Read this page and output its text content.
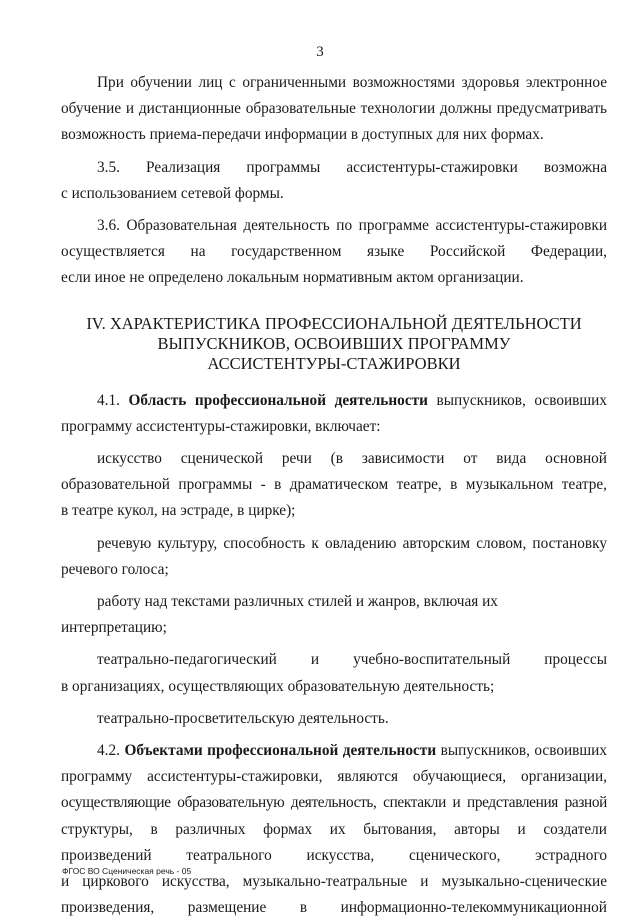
3

При обучении лиц с ограниченными возможностями здоровья электронное
обучение и дистанционные образовательные технологии должны предусматривать
возможность приема-передачи информации в доступных для них формах.

3.5. Реализация программы ассистентуры-стажировки возможна
с использованием сетевой формы.

3.6. Образовательная деятельность по программе ассистентуры-стажировки
осуществляется на государственном языке Российской Федерации,
если иное не определено локальным нормативным актом организации.

IV. ХАРАКТЕРИСТИКА ПРОФЕССИОНАЛЬНОЙ ДЕЯТЕЛЬНОСТИ
ВЫПУСКНИКОВ, ОСВОИВШИХ ПРОГРАММУ
АССИСТЕНТУРЫ-СТАЖИРОВКИ

4.1. Область профессиональной деятельности выпускников, освоивших
программу ассистентуры-стажировки, включает:

искусство сценической речи (в зависимости от вида основной
образовательной программы - в драматическом театре, в музыкальном театре,
в театре кукол, на эстраде, в цирке);

речевую культуру, способность к овладению авторским словом, постановку
речевого голоса;

работу над текстами различных стилей и жанров, включая их интерпретацию;

театрально-педагогический и учебно-воспитательный процессы
в организациях, осуществляющих образовательную деятельность;

театрально-просветительскую деятельность.

4.2. Объектами профессиональной деятельности выпускников, освоивших
программу ассистентуры-стажировки, являются обучающиеся, организации,
осуществляющие образовательную деятельность, спектакли и представления разной
структуры, в различных формах их бытования, авторы и создатели
произведений театрального искусства, сценического, эстрадного
и циркового искусства, музыкально-театральные и музыкально-сценические
произведения, размещение в информационно-телекоммуникационной

ФГОС ВО Сценическая речь - 05
